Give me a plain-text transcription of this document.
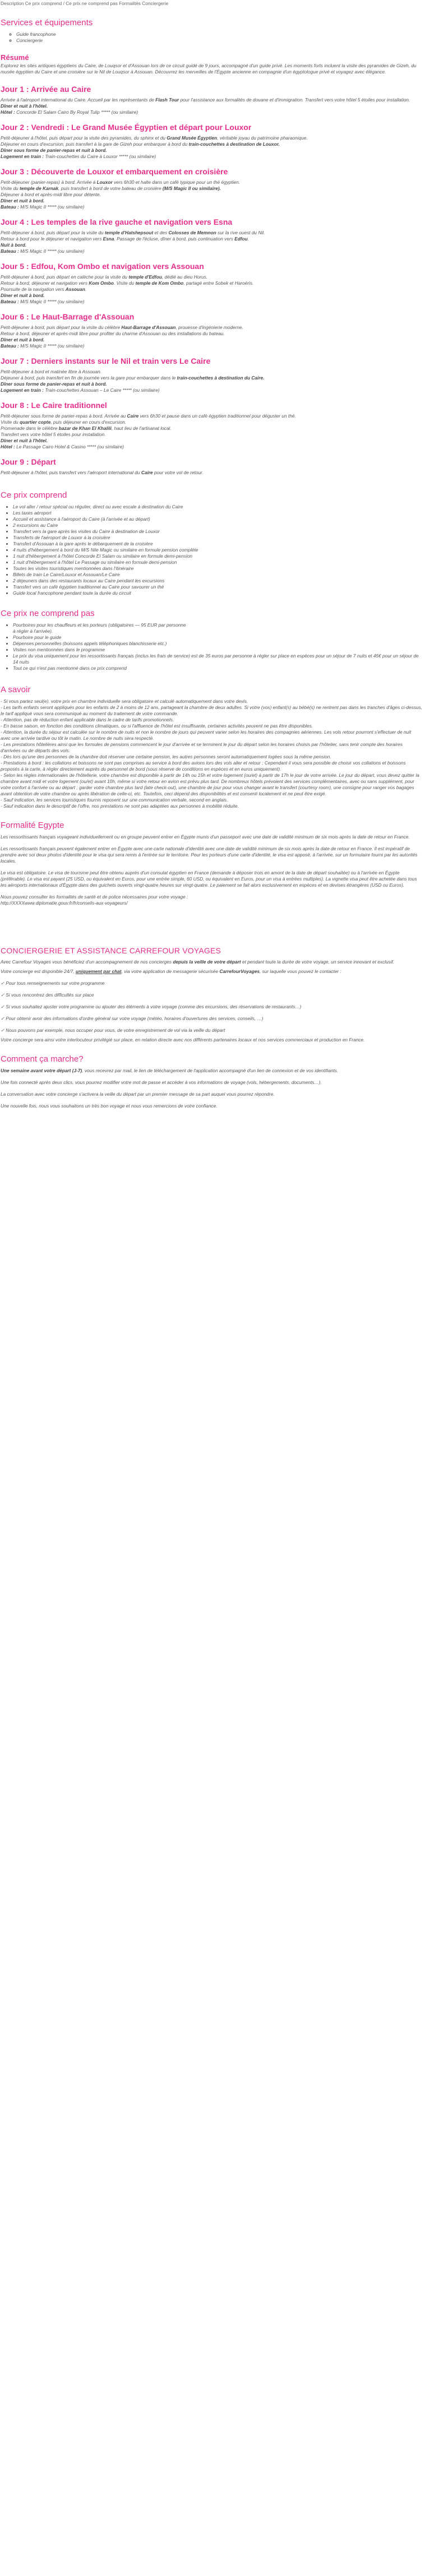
Description Ce prix comprend / Ce prix ne comprend pas Formalités Conciergerie
Services et équipements
◦ Guide francophone
◦ Conciergerie
Résumé

Explorez les sites antiques égyptiens du Caire, de Louqsor et d'Assouan lors de ce circuit guidé de 9 jours, accompagné d'un guide privé. Les moments forts incluent la visite des pyramides de Gizeh, du musée égyptien du Caire et une croisière sur le Nil de Louqsor à Assouan. Découvrez les merveilles de l'Égypte ancienne en compagnie d'un égyptologue privé et voyagez avec élégance.

Jour 1 : Arrivée au Caire

Arrivée à l'aéroport international du Caire. Accueil par les représentants de Flash Tour pour l'assistance aux formalités de douane et d'immigration. Transfert vers votre hôtel 5 étoiles pour installation.

Dîner et nuit à l'hôtel.

Hôtel : Concorde El Salam Cairo By Royal Tulip ***** (ou similaire)

Jour 2 : Vendredi : Le Grand Musée Égyptien et départ pour Louxor

Petit-déjeuner à l'hôtel, puis départ pour la visite des pyramides, du sphinx et du Grand Musée Égyptien, véritable joyau du patrimoine pharaonique.

Déjeuner en cours d'excursion, puis transfert à la gare de Gizeh pour embarquer à bord du train-couchettes à destination de Louxor.

Dîner sous forme de panier-repas et nuit à bord.

Logement en train : Train-couchettes du Caire à Louxor ***** (ou similaire)

Jour 3 : Découverte de Louxor et embarquement en croisière

Petit-déjeuner (panier-repas) à bord. Arrivée à Louxor vers 6h30 et halte dans un café typique pour un thé égyptien.

Visite du temple de Karnak, puis transfert à bord de votre bateau de croisière (M/S Magic II ou similaire).

Déjeuner à bord et après-midi libre pour détente.

Dîner et nuit à bord.

Bateau : M/S Magic II ***** (ou similaire)

Jour 4 : Les temples de la rive gauche et navigation vers Esna

Petit-déjeuner à bord, puis départ pour la visite du temple d'Hatshepsout et des Colosses de Memnon sur la rive ouest du Nil.

Retour à bord pour le déjeuner et navigation vers Esna. Passage de l'écluse, dîner à bord, puis continuation vers Edfou.

Nuit à bord.

Bateau : M/S Magic II ***** (ou similaire)

Jour 5 : Edfou, Kom Ombo et navigation vers Assouan

Petit-déjeuner à bord, puis départ en calèche pour la visite du temple d'Edfou, dédié au dieu Horus.

Retour à bord, déjeuner et navigation vers Kom Ombo. Visite du temple de Kom Ombo, partagé entre Sobek et Haroéris.

Poursuite de la navigation vers Assouan.

Dîner et nuit à bord.

Bateau : M/S Magic II ***** (ou similaire)

Jour 6 : Le Haut-Barrage d'Assouan

Petit-déjeuner à bord, puis départ pour la visite du célèbre Haut-Barrage d'Assouan, prouesse d'ingénierie moderne.

Retour à bord, déjeuner et après-midi libre pour profiter du charme d'Assouan ou des installations du bateau.

Dîner et nuit à bord.

Bateau : M/S Magic II ***** (ou similaire)

Jour 7 : Derniers instants sur le Nil et train vers Le Caire

Petit-déjeuner à bord et matinée libre à Assouan.

Déjeuner à bord, puis transfert en fin de journée vers la gare pour embarquer dans le train-couchettes à destination du Caire.

Dîner sous forme de panier-repas et nuit à bord.

Logement en train : Train-couchettes Assouan – Le Caire ***** (ou similaire)

Jour 8 : Le Caire traditionnel

Petit-déjeuner sous forme de panier-repas à bord. Arrivée au Caire vers 6h30 et pause dans un café égyptien traditionnel pour déguster un thé.

Visite du quartier copte, puis déjeuner en cours d'excursion.

Promenade dans le célèbre bazar de Khan El Khalili, haut lieu de l'artisanat local.

Transfert vers votre hôtel 5 étoiles pour installation.

Dîner et nuit à l'hôtel.

Hôtel : Le Passage Cairo Hotel & Casino ***** (ou similaire)

Jour 9 : Départ

Petit-déjeuner à l'hôtel, puis transfert vers l'aéroport international du Caire pour votre vol de retour.

Ce prix comprend
• Le vol aller / retour spécial ou régulier, direct ou avec escale à destination du Caire
• Les taxes aéroport
• Accueil et assistance à l'aéroport du Caire (à l'arrivée et au départ)
• 2 excursions au Caire
• Transfert vers la gare après les visites du Caire à destination de Louxor
• Transferts de l'aéroport de Louxor à la croisière
• Transfert d'Assouan à la gare après le débarquement de la croisière
• 4 nuits d'hébergement à bord du M/S Nile Magic ou similaire en formule pension complète
• 1 nuit d'hébergement à l'hôtel Concorde El Salam ou similaire en formule demi-pension
• 1 nuit d'hébergement à l'hôtel Le Passage ou similaire en formule demi-pension
• Toutes les visites touristiques mentionnées dans l'itinéraire
• Billets de train Le Caire/Louxor et Assouan/Le Caire
• 2 déjeuners dans des restaurants locaux au Caire pendant les excursions
• Transfert vers un café égyptien traditionnel au Caire pour savourer un thé
• Guide local francophone pendant toute la durée du circuit
Ce prix ne comprend pas
• Pourboires pour les chauffeurs et les porteurs (obligatoires — 95 EUR par personne
à régler à l'arrivée).
• Pourboire pour le guide
• Dépenses personnelles (boissons appels téléphoniques blanchisserie etc.)
• Visites non mentionnées dans le programme
• Le prix du visa uniquement pour les ressortissants français (inclus les frais de service) est de 35 euros par personne à régler sur place en espèces pour un séjour de 7 nuits et 45€ pour un séjour de 14 nuits
• Tout ce qui n'est pas mentionné dans ce prix comprend
A savoir

- Si vous partez seul(e), votre prix en chambre individuelle sera obligatoire et calculé automatiquement dans votre devis.

- Les tarifs enfants seront appliqués pour les enfants de 2 à moins de 12 ans, partageant la chambre de deux adultes. Si votre (vos) enfant(s) au bébé(s) ne rentrent pas dans les tranches d'âges ci-dessus, le tarif appliqué vous sera communiqué au moment du traitement de votre commande.

- Attention, pas de réduction enfant applicable dans le cadre de tarifs promotionnels.

- En basse saison, en fonction des conditions climatiques, ou si l'affluence de l'hôtel est insuffisante, certaines activités peuvent ne pas être disponibles.

- Attention, la durée du séjour est calculée sur le nombre de nuits et non le nombre de jours qui peuvent varier selon les horaires des compagnies aériennes. Les vols retour pourront s'effectuer de nuit avec une arrivée tardive ou tôt le matin. Le nombre de nuits sera respecté.

- Les prestations hôtelières ainsi que les formules de pensions commencent le jour d'arrivée et se terminent le jour du départ selon les horaires choisis par l'hôtelier, sans tenir compte des horaires d'arrivées ou de départs des vols.

- Dès lors qu'une des personnes de la chambre doit réserver une certaine pension, les autres personnes seront automatiquement logées sous la même pension.

- Prestations à bord : les collations et boissons ne sont pas comprises au service à bord des avions lors des vols aller et retour ; Cependant il vous sera possible de choisir vos collations et boissons proposés à la carte, à régler directement auprès du personnel de bord (sous réserve de conditions en espèces et en euros uniquement).

- Selon les règles internationales de l'hôtellerie, votre chambre est disponible à partir de 14h ou 15h et votre logement (ou/et) à partir de 17h le jour de votre arrivée. Le jour du départ, vous devez quitter la chambre avant midi et votre logement (ou/et) avant 10h, même si votre retour en avion est prévu plus tard. De nombreux hôtels prévoient des services complémentaires, avec ou sans supplément, pour votre confort à l'arrivée ou au départ ; garder votre chambre plus tard (late check-out), une chambre de jour pour vous changer avant le transfert (courtesy room), une consigne pour ranger vos bagages avant obtention de votre chambre ou après libération de celle-ci, etc. Toutefois, ceci dépend des disponibilités et est consenti localement et ne peut être exigé.

- Sauf indication, les services touristiques fournis reposent sur une communication verbale, second en anglais.

- Sauf indication dans le descriptif de l'offre, nos prestations ne sont pas adaptées aux personnes à mobilité réduite.

Formalité Egypte

Les ressortissants français voyageant individuellement ou en groupe peuvent entrer en Égypte munis d'un passeport avec une date de validité minimum de six mois après la date de retour en France.

Les ressortissants français peuvent également entrer en Égypte avec une carte nationale d'identité avec une date de validité minimum de six mois après la date de retour en France. Il est impératif de prendre avec soi deux photos d'identité pour le visa qui sera remis à l'entrée sur le territoire. Pour les porteurs d'une carte d'identité, le visa est apposé, à l'arrivée, sur un formulaire fourni par les autorités locales.

Le visa est obligatoire. Le visa de tourisme peut être obtenu auprès d'un consulat égyptien en France (demande à déposer trois en amont de la date de départ souhaitée) ou à l'arrivée en Égypte (préférable). Le visa est payant (25 USD, ou équivalent en Euros, pour une entrée simple, 60 USD, ou équivalent en Euros, pour un visa à entrées multiples). La vignette visa peut être achetée dans tous les aéroports internationaux d'Égypte dans des guichets ouverts vingt-quatre heures sur vingt-quatre. Le paiement se fait alors exclusivement en espèces et en devises étrangères (USD ou Euros).

Nous pouvez consulter les formalités de santé et de police nécessaires pour votre voyage :

http://XXXXwww.diplomatie.gouv.fr/fr/conseils-aux-voyageurs/

CONCIERGERIE ET ASSISTANCE CARREFOUR VOYAGES

Avec Carrefour Voyages vous bénéficiez d'un accompagnement de nos concierges depuis la veille de votre départ et pendant toute la durée de votre voyage, un service innovant et exclusif.

Votre concierge est disponible 24/7, uniquement par chat, via votre application de messagerie sécurisée CarrefourVoyages, sur laquelle vous pouvez le contacter :

✓ Pour tous renseignements sur votre programme

✓ Si vous rencontrez des difficultés sur place

✓ Si vous souhaitez ajuster votre programme ou ajouter des éléments à votre voyage (comme des excursions, des réservations de restaurants…)

✓ Pour obtenir avoir des informations d'ordre général sur votre voyage (météo, horaires d'ouvertures des services, conseils, …)

✓ Nous pouvons par exemple, nous occuper pour vous, de votre enregistrement de vol via la veille du départ

Votre concierge sera ainsi votre interlocuteur privilégié sur place, en relation directe avec nos différents partenaires locaux et nos services commerciaux et production en France.

Comment ça marche?

Une semaine avant votre départ (J-7), vous recevrez par mail, le lien de téléchargement de l'application accompagné d'un lien de connexion et de vos identifiants.

Une fois connecté après deux clics, vous pourrez modifier votre mot de passe et accéder à vos informations de voyage (vols, hébergements, documents…).

La conversation avec votre concierge s'activera la veille du départ par un premier message de sa part auquel vous pourrez répondre.

Une nouvelle fois, nous vous souhaitons un très bon voyage et nous vous remercions de votre confiance.
